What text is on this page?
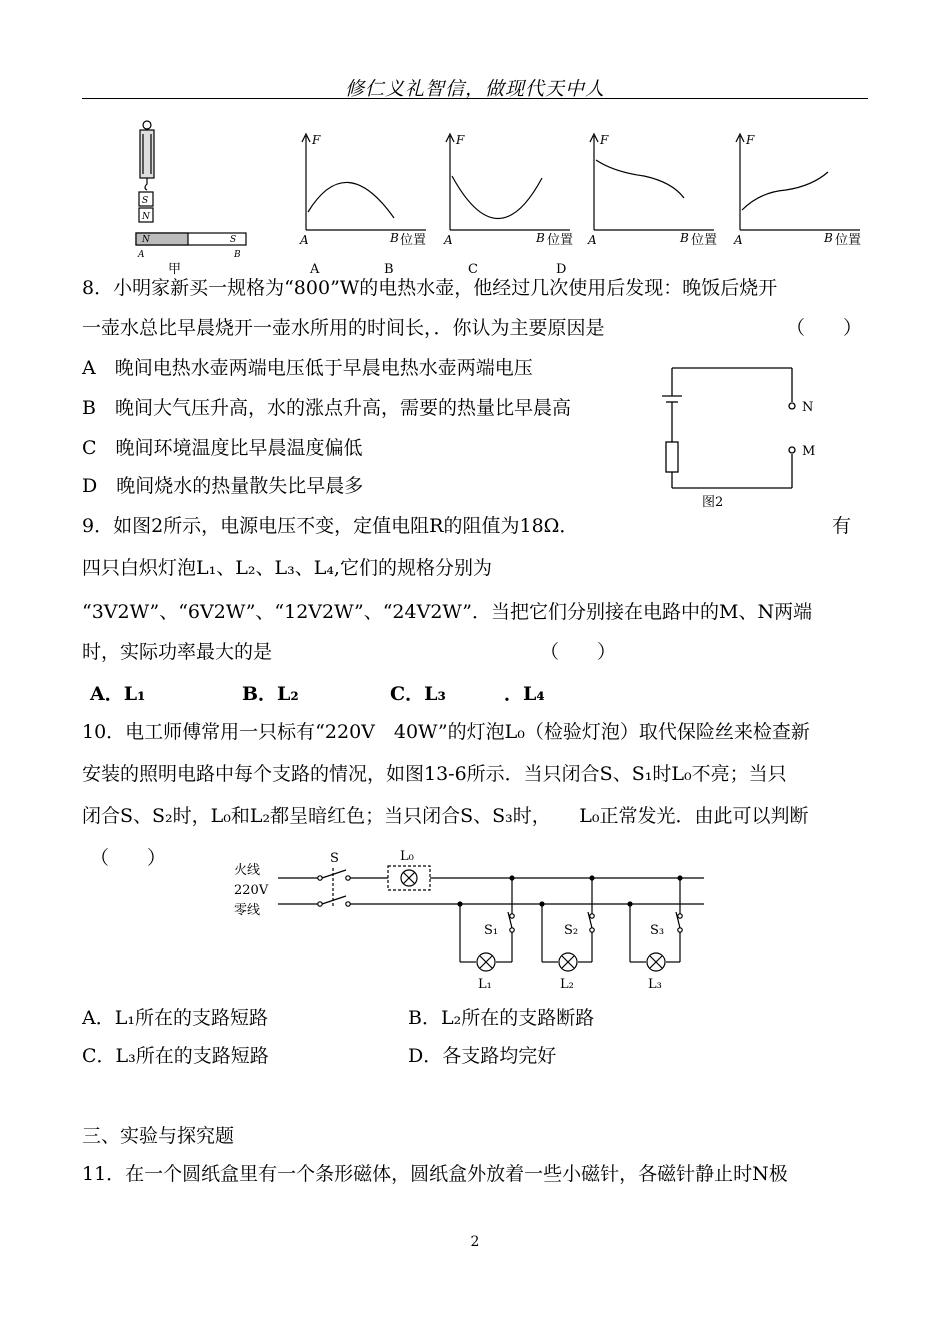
修仁义礼智信，做现代天中人
S
N
N	S
A	B
F
A	B 位置
F
A	B 位置
F
A	B 位置
F
A	B 位置
甲	A	B	C	D
8．小明家新买一规格为“800”W的电热水壶，他经过几次使用后发现：晚饭后烧开
一壶水总比早晨烧开一壶水所用的时间长，．你认为主要原因是	（　　）
A　晚间电热水壶两端电压低于早晨电热水壶两端电压
B　晚间大气压升高，水的涨点升高，需要的热量比早晨高
C　晚间环境温度比早晨温度偏低
D　晚间烧水的热量散失比早晨多
N
M
图2
9．如图2所示，电源电压不变，定值电阻R的阻值为18Ω．	有
四只白炽灯泡L₁、L₂、L₃、L₄,它们的规格分别为
“3V2W”、“6V2W”、“12V2W”、“24V2W”．当把它们分别接在电路中的M、N两端
时，实际功率最大的是	（　　）
A．L₁	B．L₂	C．L₃	．L₄
10．电工师傅常用一只标有“220V　40W”的灯泡L₀（检验灯泡）取代保险丝来检查新
安装的照明电路中每个支路的情况，如图13-6所示．当只闭合S、S₁时L₀不亮；当只
闭合S、S₂时，L₀和L₂都呈暗红色；当只闭合S、S₃时，　　L₀正常发光．由此可以判断
（　　）
火线
220V
零线
S	L₀
S₁	S₂	S₃
L₁	L₂	L₃
A．L₁所在的支路短路	B．L₂所在的支路断路
C．L₃所在的支路短路	D．各支路均完好
三、实验与探究题
11．在一个圆纸盒里有一个条形磁体，圆纸盒外放着一些小磁针，各磁针静止时N极
2
